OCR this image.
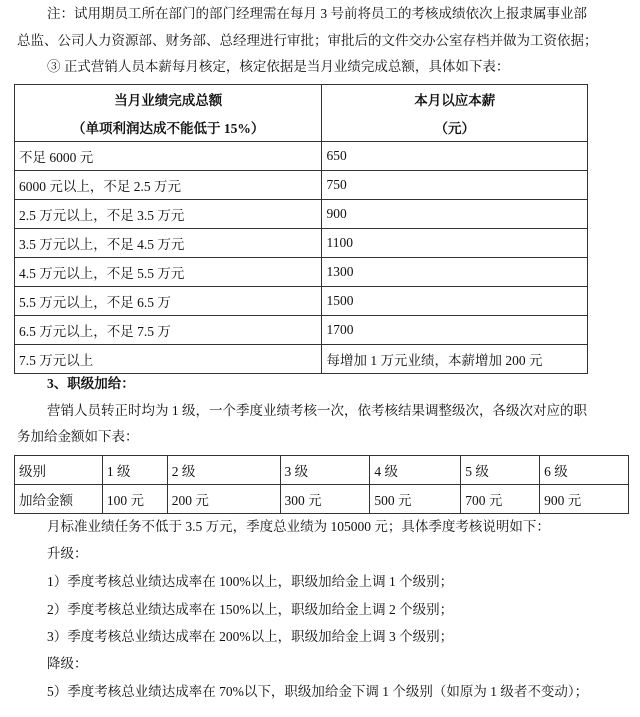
注：试用期员工所在部门的部门经理需在每月 3 号前将员工的考核成绩依次上报隶属事业部
总监、公司人力资源部、财务部、总经理进行审批；审批后的文件交办公室存档并做为工资依据；
③ 正式营销人员本薪每月核定，核定依据是当月业绩完成总额，具体如下表：
当月业绩完成总额	本月以应本薪
（单项利润达成不能低于 15%）	（元）
不足 6000 元	650
6000 元以上，不足 2.5 万元	750
2.5 万元以上，不足 3.5 万元	900
3.5 万元以上，不足 4.5 万元	1100
4.5 万元以上，不足 5.5 万元	1300
5.5 万元以上，不足 6.5 万	1500
6.5 万元以上，不足 7.5 万	1700
7.5 万元以上	每增加 1 万元业绩，本薪增加 200 元
3、职级加给：
营销人员转正时均为 1 级，一个季度业绩考核一次，依考核结果调整级次，各级次对应的职
务加给金额如下表：
级别	1 级	2 级	3 级	4 级	5 级	6 级
加给金额	100 元	200 元	300 元	500 元	700 元	900 元
月标准业绩任务不低于 3.5 万元，季度总业绩为 105000 元；具体季度考核说明如下：
升级：
1）季度考核总业绩达成率在 100%以上，职级加给金上调 1 个级别；
2）季度考核总业绩达成率在 150%以上，职级加给金上调 2 个级别；
3）季度考核总业绩达成率在 200%以上，职级加给金上调 3 个级别；
降级：
5）季度考核总业绩达成率在 70%以下，职级加给金下调 1 个级别（如原为 1 级者不变动）；
